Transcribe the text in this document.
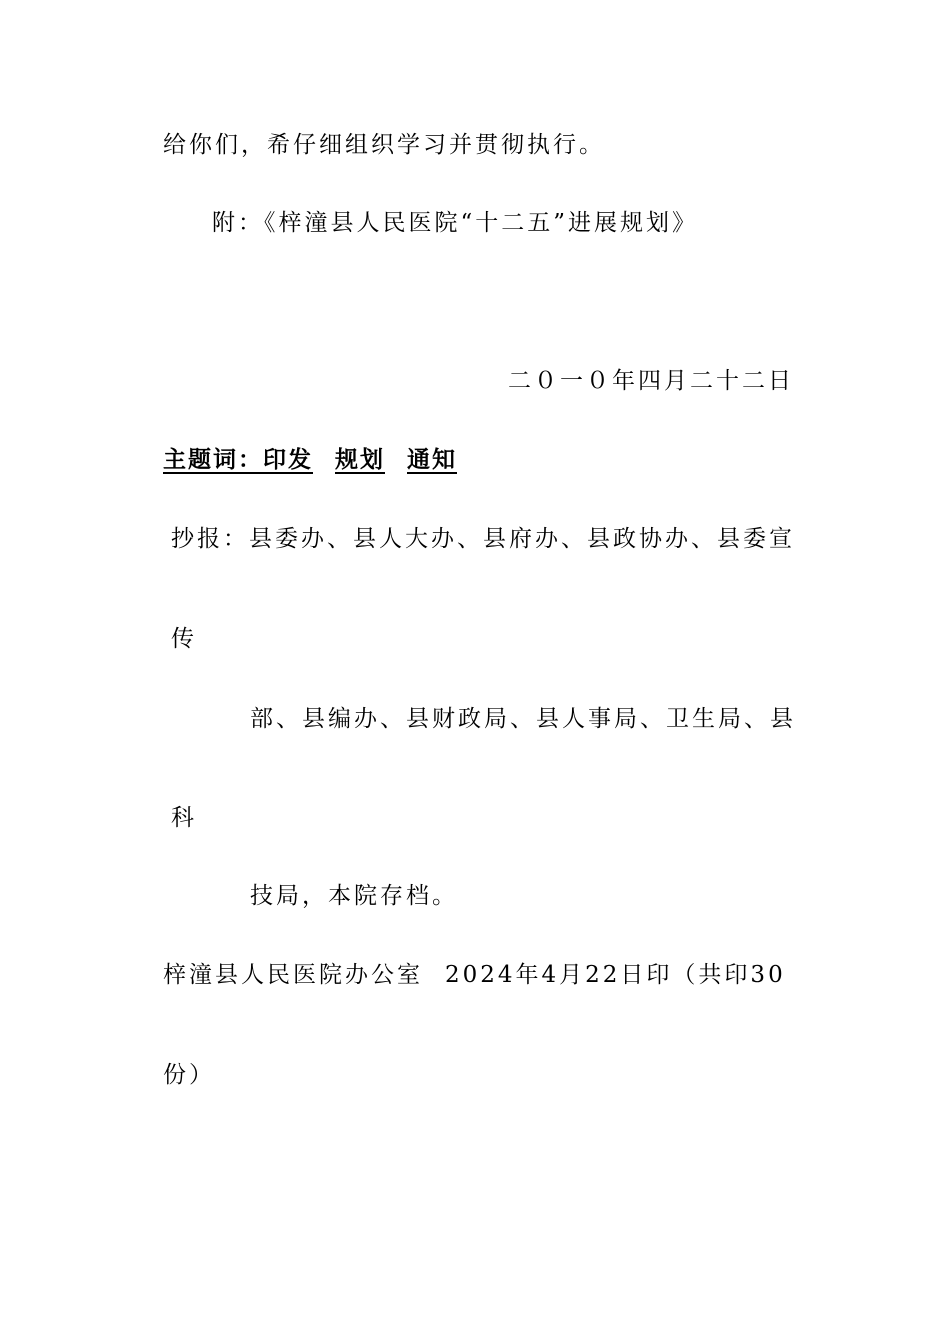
给你们，希仔细组织学习并贯彻执行。
附：《梓潼县人民医院“十二五”进展规划》
二０一０年四月二十二日
主题词：印发 规划 通知
抄报：县委办、县人大办、县府办、县政协办、县委宣
传
部、县编办、县财政局、县人事局、卫生局、县
科
技局，本院存档。
梓潼县人民医院办公室 2024年4月22日印（共印30
份）
